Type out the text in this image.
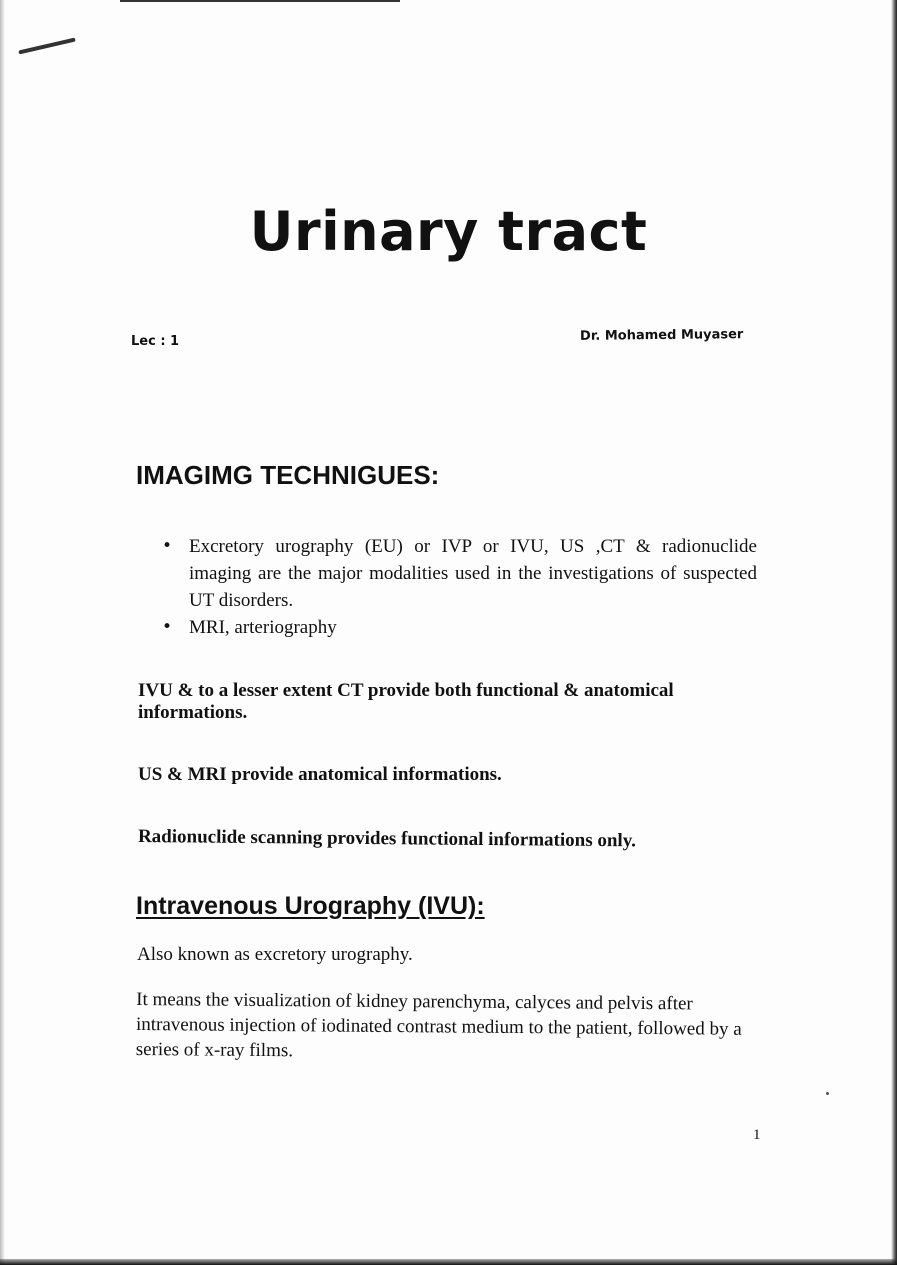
Urinary tract
Lec : 1	Dr. Mohamed Muyaser
IMAGIMG TECHNIGUES:
• Excretory urography (EU) or IVP or IVU, US ,CT & radionuclide imaging are the major modalities used in the investigations of suspected UT disorders.
• MRI, arteriography

IVU & to a lesser extent CT provide both functional & anatomical informations.

US & MRI provide anatomical informations.

Radionuclide scanning provides functional informations only.

Intravenous Urography (IVU):

Also known as excretory urography.

It means the visualization of kidney parenchyma, calyces and pelvis after intravenous injection of iodinated contrast medium to the patient, followed by a series of x-ray films.

1
